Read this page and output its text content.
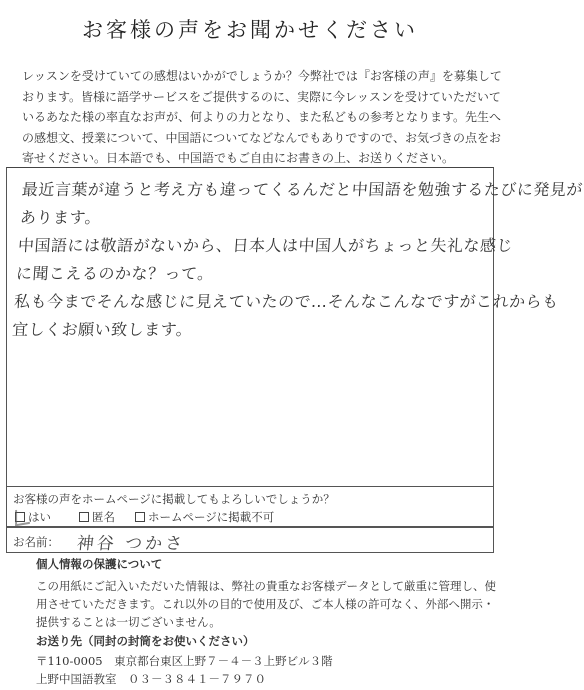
お客様の声をお聞かせください

レッスンを受けていての感想はいかがでしょうか？今弊社では『お客様の声』を募集して

おります。皆様に語学サービスをご提供するのに、実際に今レッスンを受けていただいて

いるあなた様の率直なお声が、何よりの力となり、また私どもの参考となります。先生へ

の感想文、授業について、中国語についてなどなんでもありですので、お気づきの点をお

寄せください。日本語でも、中国語でもご自由にお書きの上、お送りください。

最近言葉が違うと考え方も違ってくるんだと中国語を勉強するたびに発見が

あります。

中国語には敬語がないから、日本人は中国人がちょっと失礼な感じ

に聞こえるのかな？って。

私も今までそんな感じに見えていたので…そんなこんなですがこれからも

宜しくお願い致します。

お客様の声をホームページに掲載してもよろしいでしょうか？
はい	匿名	ホームページに掲載不可
お名前： 神谷 つかさ
個人情報の保護について

この用紙にご記入いただいた情報は、弊社の貴重なお客様データとして厳重に管理し、使

用させていただきます。これ以外の目的で使用及び、ご本人様の許可なく、外部へ開示・

提供することは一切ございません。

お送り先（同封の封筒をお使いください）

〒110-0005　東京都台東区上野７－４－３上野ビル３階

上野中国語教室　０３－３８４１－７９７０
